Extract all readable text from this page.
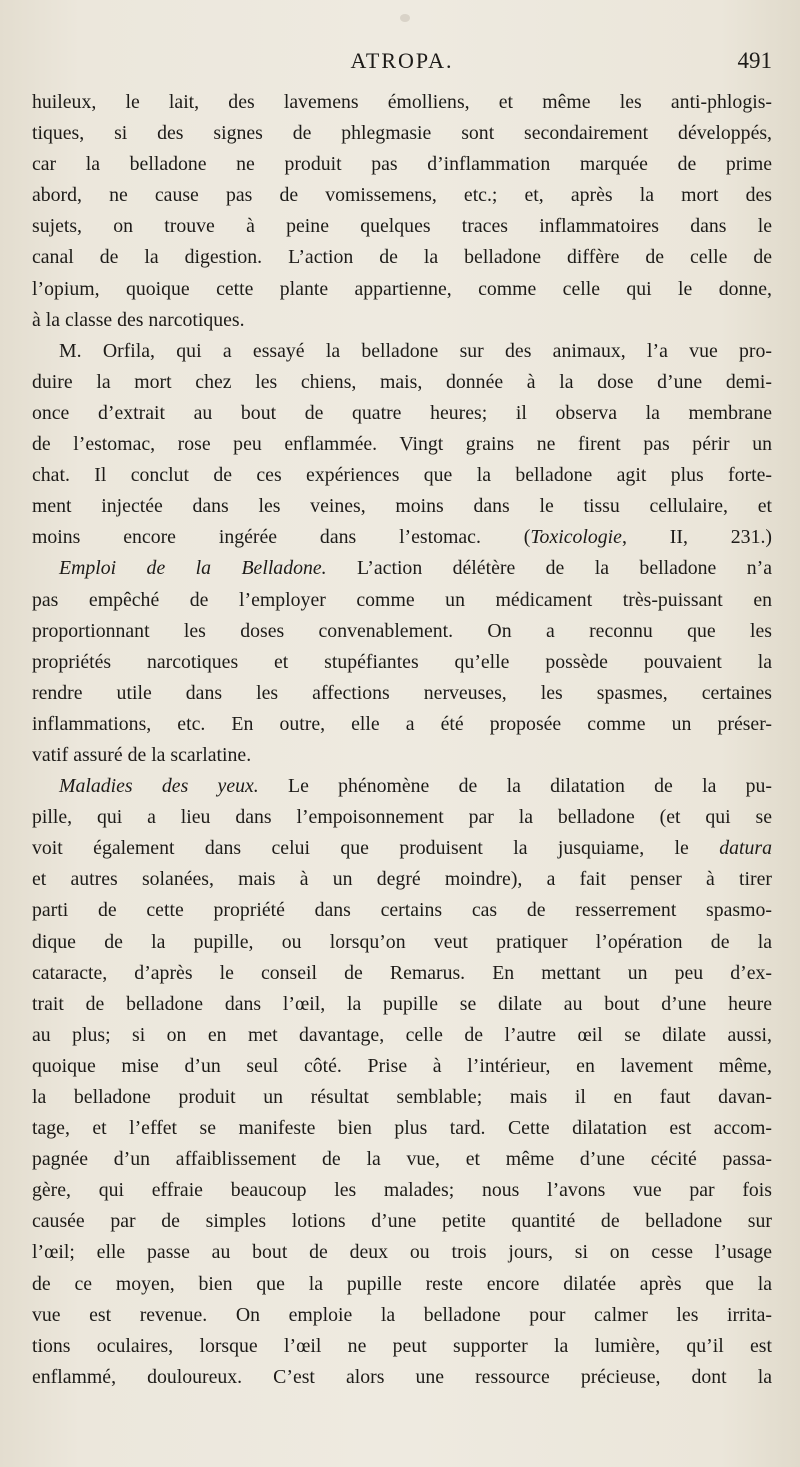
ATROPA.	491
huileux, le lait, des lavemens émolliens, et même les anti-phlogis-
tiques, si des signes de phlegmasie sont secondairement développés,
car la belladone ne produit pas d’inflammation marquée de prime
abord, ne cause pas de vomissemens, etc.; et, après la mort des
sujets, on trouve à peine quelques traces inflammatoires dans le
canal de la digestion. L’action de la belladone diffère de celle de
l’opium, quoique cette plante appartienne, comme celle qui le donne,
à la classe des narcotiques.
M. Orfila, qui a essayé la belladone sur des animaux, l’a vue pro-
duire la mort chez les chiens, mais, donnée à la dose d’une demi-
once d’extrait au bout de quatre heures; il observa la membrane
de l’estomac, rose peu enflammée. Vingt grains ne firent pas périr un
chat. Il conclut de ces expériences que la belladone agit plus forte-
ment injectée dans les veines, moins dans le tissu cellulaire, et
moins encore ingérée dans l’estomac. (Toxicologie, II, 231.)
Emploi de la Belladone. L’action délétère de la belladone n’a
pas empêché de l’employer comme un médicament très-puissant en
proportionnant les doses convenablement. On a reconnu que les
propriétés narcotiques et stupéfiantes qu’elle possède pouvaient la
rendre utile dans les affections nerveuses, les spasmes, certaines
inflammations, etc. En outre, elle a été proposée comme un préser-
vatif assuré de la scarlatine.
Maladies des yeux. Le phénomène de la dilatation de la pu-
pille, qui a lieu dans l’empoisonnement par la belladone (et qui se
voit également dans celui que produisent la jusquiame, le datura
et autres solanées, mais à un degré moindre), a fait penser à tirer
parti de cette propriété dans certains cas de resserrement spasmo-
dique de la pupille, ou lorsqu’on veut pratiquer l’opération de la
cataracte, d’après le conseil de Remarus. En mettant un peu d’ex-
trait de belladone dans l’œil, la pupille se dilate au bout d’une heure
au plus; si on en met davantage, celle de l’autre œil se dilate aussi,
quoique mise d’un seul côté. Prise à l’intérieur, en lavement même,
la belladone produit un résultat semblable; mais il en faut davan-
tage, et l’effet se manifeste bien plus tard. Cette dilatation est accom-
pagnée d’un affaiblissement de la vue, et même d’une cécité passa-
gère, qui effraie beaucoup les malades; nous l’avons vue par fois
causée par de simples lotions d’une petite quantité de belladone sur
l’œil; elle passe au bout de deux ou trois jours, si on cesse l’usage
de ce moyen, bien que la pupille reste encore dilatée après que la
vue est revenue. On emploie la belladone pour calmer les irrita-
tions oculaires, lorsque l’œil ne peut supporter la lumière, qu’il est
enflammé, douloureux. C’est alors une ressource précieuse, dont la
